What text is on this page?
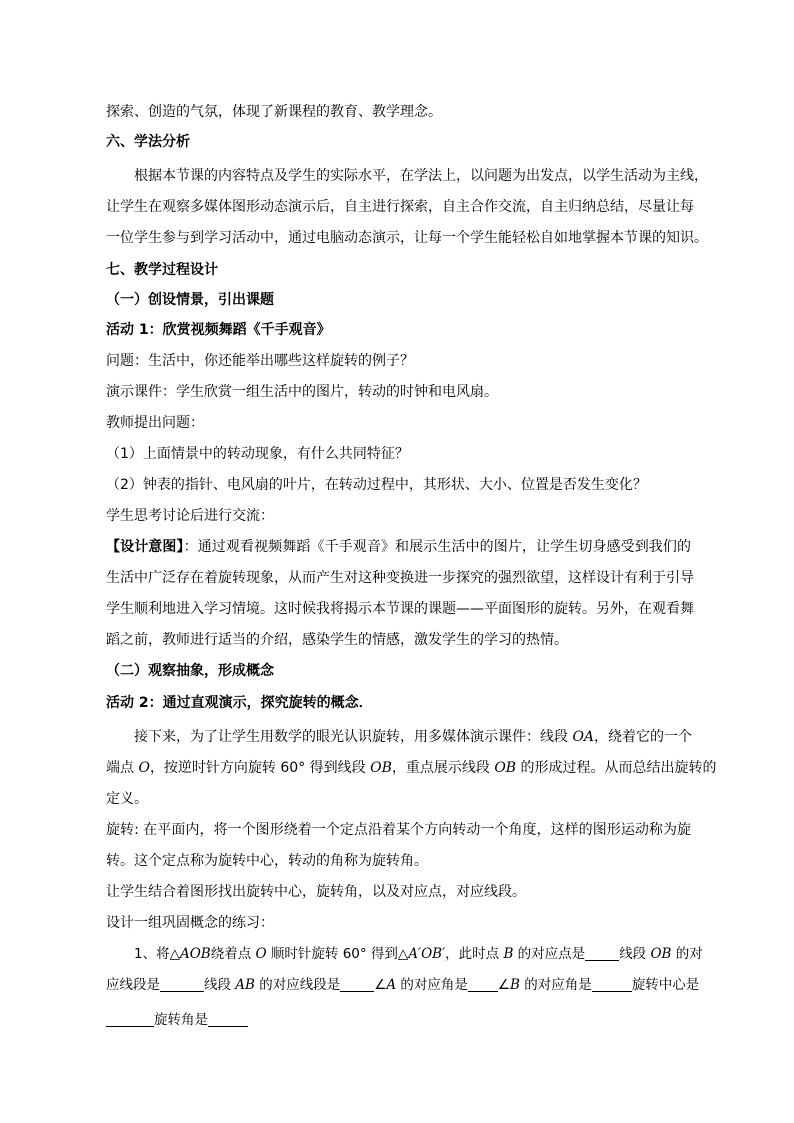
探索、创造的气氛，体现了新课程的教育、教学理念。
六、学法分析
根据本节课的内容特点及学生的实际水平，在学法上，以问题为出发点，以学生活动为主线，
让学生在观察多媒体图形动态演示后，自主进行探索，自主合作交流，自主归纳总结，尽量让每
一位学生参与到学习活动中，通过电脑动态演示，让每一个学生能轻松自如地掌握本节课的知识。
七、教学过程设计
（一）创设情景，引出课题
活动 1：欣赏视频舞蹈《千手观音》
问题：生活中，你还能举出哪些这样旋转的例子？
演示课件：学生欣赏一组生活中的图片，转动的时钟和电风扇。
教师提出问题：
（1）上面情景中的转动现象，有什么共同特征？
（2）钟表的指针、电风扇的叶片，在转动过程中，其形状、大小、位置是否发生变化？
学生思考讨论后进行交流：
【设计意图】：通过观看视频舞蹈《千手观音》和展示生活中的图片，让学生切身感受到我们的
生活中广泛存在着旋转现象，从而产生对这种变换进一步探究的强烈欲望，这样设计有利于引导
学生顺利地进入学习情境。这时候我将揭示本节课的课题——平面图形的旋转。另外，在观看舞
蹈之前，教师进行适当的介绍，感染学生的情感，激发学生的学习的热情。
（二）观察抽象，形成概念
活动 2：通过直观演示，探究旋转的概念．
接下来，为了让学生用数学的眼光认识旋转，用多媒体演示课件：线段 OA，绕着它的一个
端点 O，按逆时针方向旋转 60° 得到线段 OB，重点展示线段 OB 的形成过程。从而总结出旋转的
定义。
旋转: 在平面内，将一个图形绕着一个定点沿着某个方向转动一个角度，这样的图形运动称为旋
转。这个定点称为旋转中心，转动的角称为旋转角。
让学生结合着图形找出旋转中心，旋转角，以及对应点，对应线段。
设计一组巩固概念的练习：
1、将△AOB绕着点 O 顺时针旋转 60° 得到△A′OB′，此时点 B 的对应点是	线段 OB 的对
应线段是	线段 AB 的对应线段是	∠A 的对应角是 ∠B 的对应角是	旋转中心是
旋转角是
